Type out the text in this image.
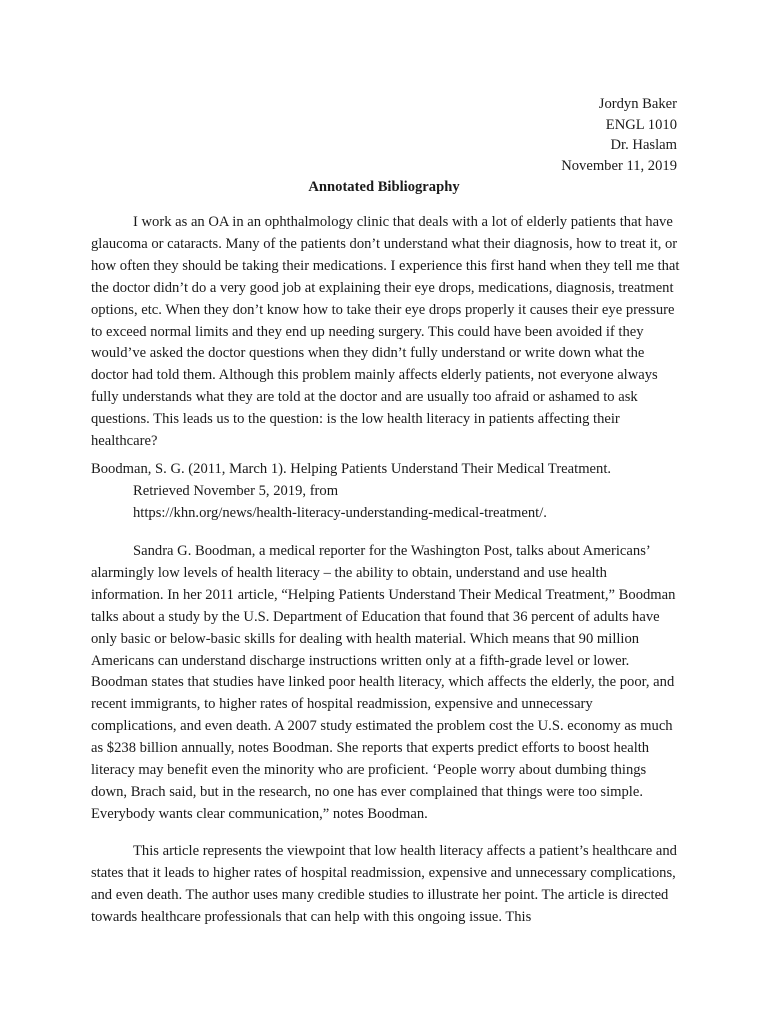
Jordyn Baker
ENGL 1010
Dr. Haslam
November 11, 2019
Annotated Bibliography

I work as an OA in an ophthalmology clinic that deals with a lot of elderly patients that have glaucoma or cataracts. Many of the patients don’t understand what their diagnosis, how to treat it, or how often they should be taking their medications. I experience this first hand when they tell me that the doctor didn’t do a very good job at explaining their eye drops, medications, diagnosis, treatment options, etc. When they don’t know how to take their eye drops properly it causes their eye pressure to exceed normal limits and they end up needing surgery. This could have been avoided if they would’ve asked the doctor questions when they didn’t fully understand or write down what the doctor had told them. Although this problem mainly affects elderly patients, not everyone always fully understands what they are told at the doctor and are usually too afraid or ashamed to ask questions. This leads us to the question: is the low health literacy in patients affecting their healthcare?

Boodman, S. G. (2011, March 1). Helping Patients Understand Their Medical Treatment.
Retrieved November 5, 2019, from
https://khn.org/news/health-literacy-understanding-medical-treatment/.

Sandra G. Boodman, a medical reporter for the Washington Post, talks about Americans’ alarmingly low levels of health literacy – the ability to obtain, understand and use health information. In her 2011 article, “Helping Patients Understand Their Medical Treatment,” Boodman talks about a study by the U.S. Department of Education that found that 36 percent of adults have only basic or below-basic skills for dealing with health material. Which means that 90 million Americans can understand discharge instructions written only at a fifth-grade level or lower. Boodman states that studies have linked poor health literacy, which affects the elderly, the poor, and recent immigrants, to higher rates of hospital readmission, expensive and unnecessary complications, and even death. A 2007 study estimated the problem cost the U.S. economy as much as $238 billion annually, notes Boodman. She reports that experts predict efforts to boost health literacy may benefit even the minority who are proficient. ‘People worry about dumbing things down, Brach said, but in the research, no one has ever complained that things were too simple. Everybody wants clear communication,” notes Boodman.

This article represents the viewpoint that low health literacy affects a patient’s healthcare and states that it leads to higher rates of hospital readmission, expensive and unnecessary complications, and even death. The author uses many credible studies to illustrate her point. The article is directed towards healthcare professionals that can help with this ongoing issue. This
